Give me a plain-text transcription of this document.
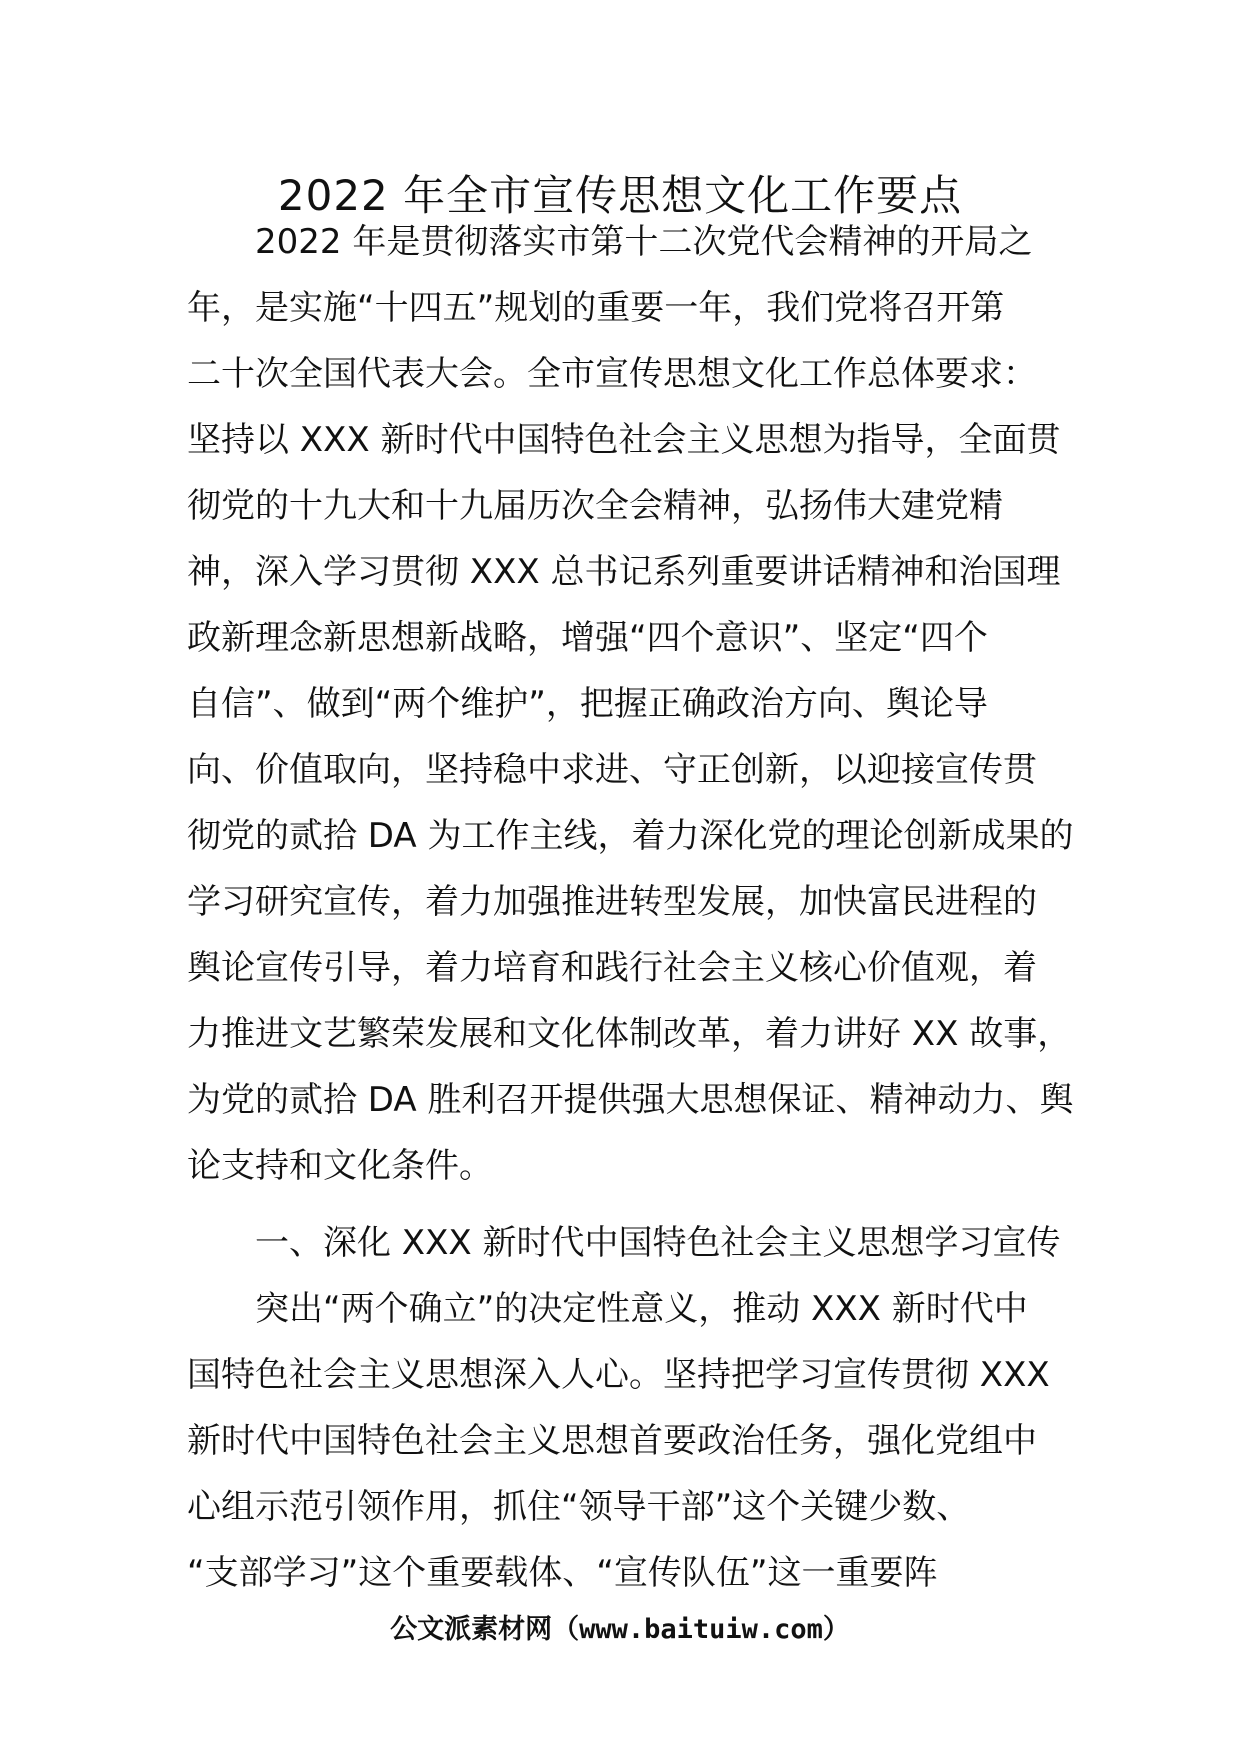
2022 年全市宣传思想文化工作要点
2022 年是贯彻落实市第十二次党代会精神的开局之
年，是实施“十四五”规划的重要一年，我们党将召开第
二十次全国代表大会。全市宣传思想文化工作总体要求：
坚持以 XXX 新时代中国特色社会主义思想为指导，全面贯
彻党的十九大和十九届历次全会精神，弘扬伟大建党精
神，深入学习贯彻 XXX 总书记系列重要讲话精神和治国理
政新理念新思想新战略，增强“四个意识”、坚定“四个
自信”、做到“两个维护”，把握正确政治方向、舆论导
向、价值取向，坚持稳中求进、守正创新，以迎接宣传贯
彻党的贰拾 DA 为工作主线，着力深化党的理论创新成果的
学习研究宣传，着力加强推进转型发展，加快富民进程的
舆论宣传引导，着力培育和践行社会主义核心价值观，着
力推进文艺繁荣发展和文化体制改革，着力讲好 XX 故事，
为党的贰拾 DA 胜利召开提供强大思想保证、精神动力、舆
论支持和文化条件。
一、深化 XXX 新时代中国特色社会主义思想学习宣传
突出“两个确立”的决定性意义，推动 XXX 新时代中
国特色社会主义思想深入人心。坚持把学习宣传贯彻 XXX
新时代中国特色社会主义思想首要政治任务，强化党组中
心组示范引领作用，抓住“领导干部”这个关键少数、
“支部学习”这个重要载体、“宣传队伍”这一重要阵
公文派素材网（www.baituiw.com）
